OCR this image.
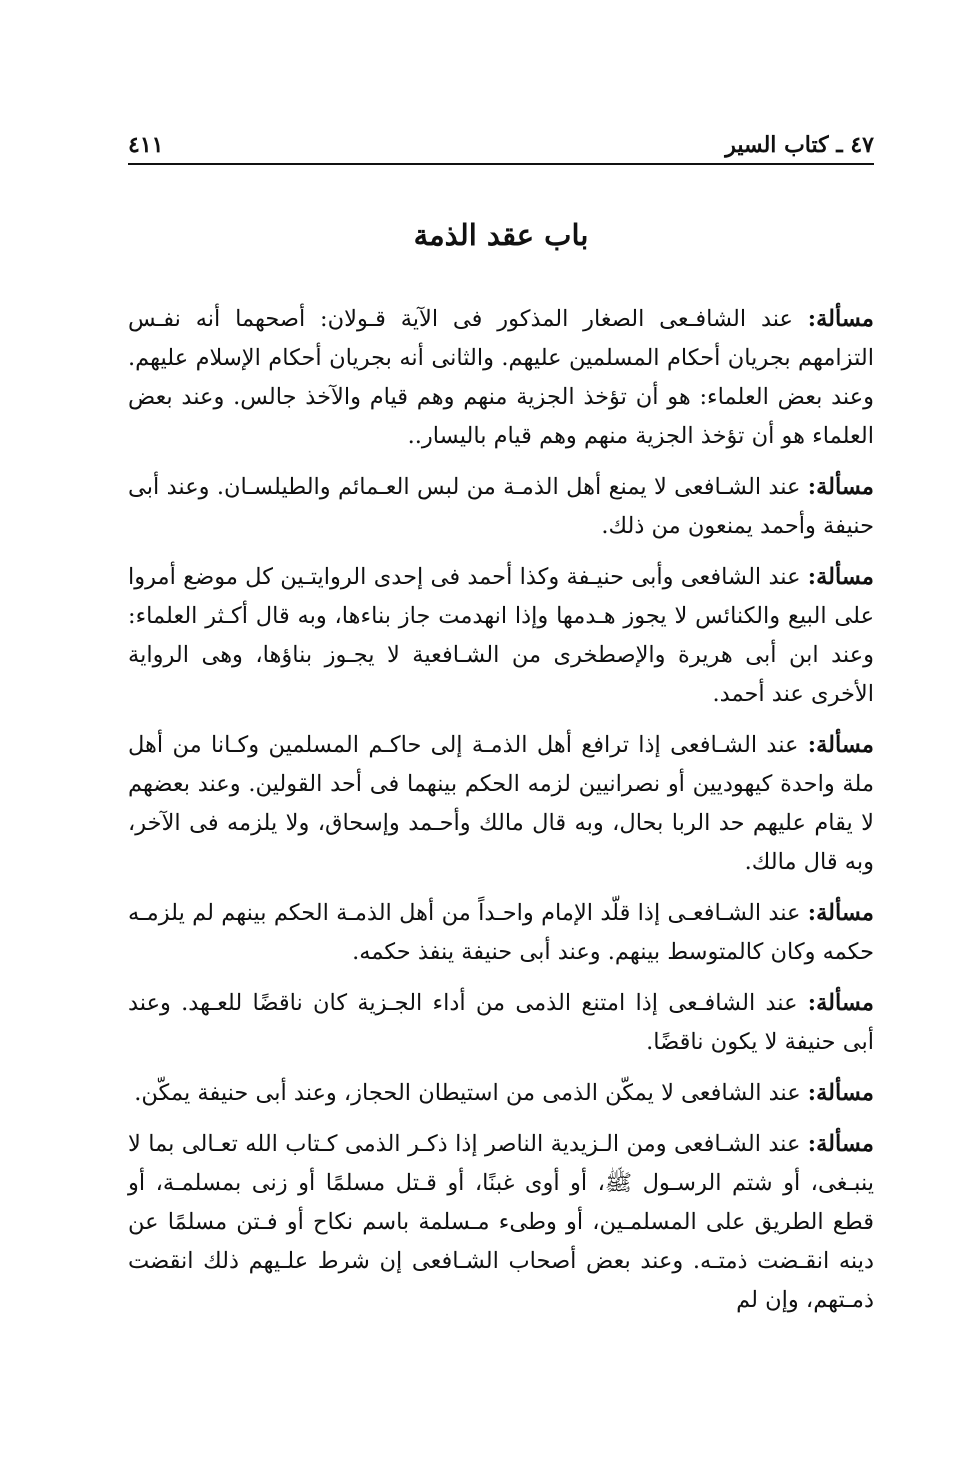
٤٧ ـ كتاب السير
٤١١
باب عقد الذمة

مسألة: عند الشافـعى الصغار المذكور فى الآية قـولان: أصحهما أنه نفـس التزامهم بجريان أحكام المسلمين عليهم. والثانى أنه بجريان أحكام الإسلام عليهم. وعند بعض العلماء: هو أن تؤخذ الجزية منهم وهم قيام والآخذ جالس. وعند بعض العلماء هو أن تؤخذ الجزية منهم وهم قيام باليسار..

مسألة: عند الشـافعى لا يمنع أهل الذمـة من لبس العـمائم والطيلسـان. وعند أبى حنيفة وأحمد يمنعون من ذلك.

مسألة: عند الشافعى وأبى حنيـفة وكذا أحمد فى إحدى الروايتـين كل موضع أمروا على البيع والكنائس لا يجوز هـدمها وإذا انهدمت جاز بناءها، وبه قال أكـثر العلماء: وعند ابن أبى هريرة والإصطخرى من الشـافعية لا يجـوز بناؤها، وهى الرواية الأخرى عند أحمد.

مسألة: عند الشـافعى إذا ترافع أهل الذمـة إلى حاكـم المسلمين وكـانا من أهل ملة واحدة كيهوديين أو نصرانيين لزمه الحكم بينهما فى أحد القولين. وعند بعضهم لا يقام عليهم حد الربا بحال، وبه قال مالك وأحـمد وإسحاق، ولا يلزمه فى الآخر، وبه قال مالك.

مسألة: عند الشـافعـى إذا قلّد الإمام واحـداً من أهل الذمـة الحكم بينهم لم يلزمـه حكمه وكان كالمتوسط بينهم. وعند أبى حنيفة ينفذ حكمه.

مسألة: عند الشافـعى إذا امتنع الذمى من أداء الجـزية كان ناقضًا للعـهد. وعند أبى حنيفة لا يكون ناقضًا.

مسألة: عند الشافعى لا يمكّن الذمى من استيطان الحجاز، وعند أبى حنيفة يمكّن.

مسألة: عند الشـافعى ومن الـزيدية الناصر إذا ذكـر الذمى كـتاب الله تعـالى بما لا ينبـغى، أو شتم الرسـول ﷺ، أو أوى غبنًا، أو قـتل مسلمًا أو زنى بمسلمـة، أو قطع الطريق على المسلمـين، أو وطىء مـسلمة باسم نكاح أو فـتن مسلمًا عن دينه انقـضت ذمتـه. وعند بعض أصحاب الشـافعى إن شرط علـيهم ذلك انقضت ذمـتهم، وإن لم
